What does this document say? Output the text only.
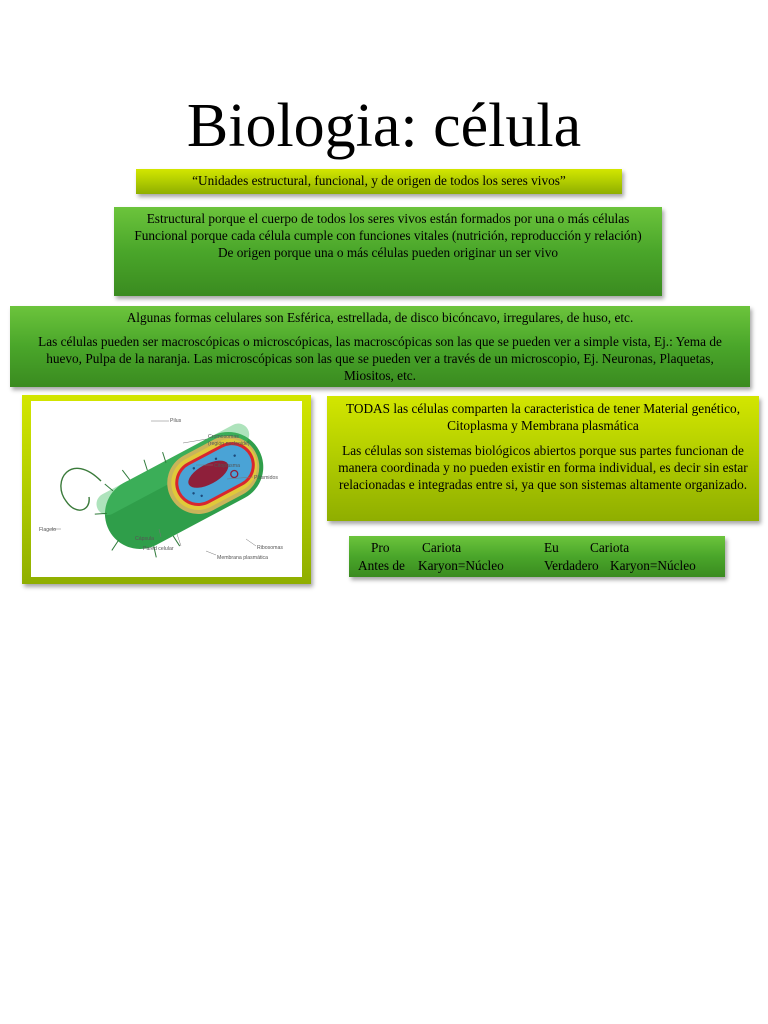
Biologia: célula

“Unidades estructural, funcional, y de origen de todos los seres vivos”

Estructural porque el cuerpo de todos los seres vivos están formados por una o más células

Funcional porque cada célula cumple con funciones vitales (nutrición, reproducción y relación)

De origen porque una o más células pueden originar un ser vivo

Algunas formas celulares son Esférica, estrellada, de disco bicóncavo, irregulares, de huso, etc.

Las células pueden ser macroscópicas o microscópicas, las macroscópicas son las que se pueden ver a simple vista, Ej.: Yema de huevo, Pulpa de la naranja. Las microscópicas son las que se pueden ver a través de un microscopio, Ej. Neuronas, Plaquetas, Miositos, etc.

Pilus
Cromosomas
(región nucleoide)
Citoplasma
Plásmidos
Flagelo
Cápsula
Pared celular	Ribosomas
Membrana plasmática

TODAS las células comparten la caracteristica de tener Material genético, Citoplasma y Membrana plasmática

Las células son sistemas biológicos abiertos porque sus partes funcionan de manera coordinada y no pueden existir en forma individual, es decir sin estar relacionadas e integradas entre si, ya que son sistemas altamente organizado.

Pro Cariota	Eu Cariota
Antes de Karyon=Núcleo	Verdadero Karyon=Núcleo
